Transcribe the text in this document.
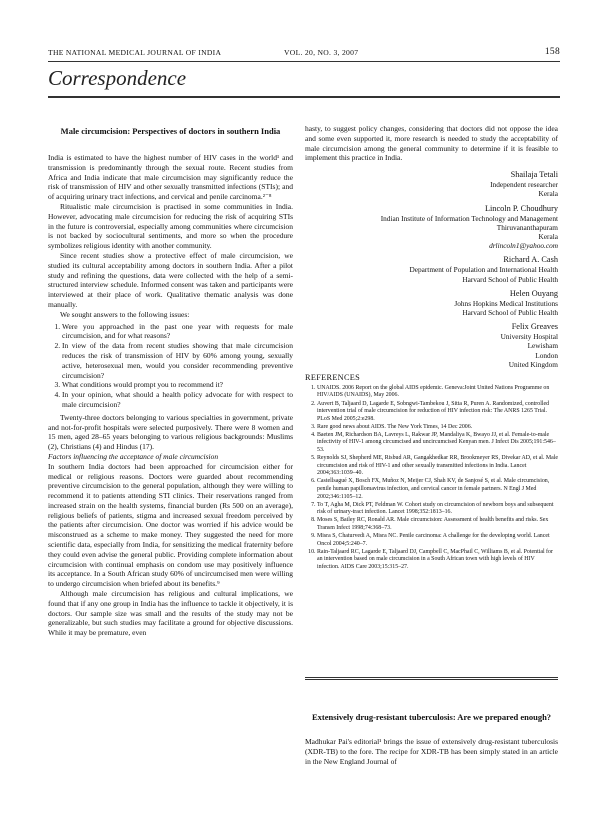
THE NATIONAL MEDICAL JOURNAL OF INDIA	VOL. 20, NO. 3, 2007	158
Correspondence

Male circumcision: Perspectives of doctors in southern India

India is estimated to have the highest number of HIV cases in the world¹ and transmission is predominantly through the sexual route. Recent studies from Africa and India indicate that male circumcision may significantly reduce the risk of transmission of HIV and other sexually transmitted infections (STIs); and of acquiring urinary tract infections, and cervical and penile carcinoma.²⁻⁸

Ritualistic male circumcision is practised in some communities in India. However, advocating male circumcision for reducing the risk of acquiring STIs in the future is controversial, especially among communities where circumcision is not backed by sociocultural sentiments, and more so when the procedure symbolizes religious identity with another community.

Since recent studies show a protective effect of male circumcision, we studied its cultural acceptability among doctors in southern India. After a pilot study and refining the questions, data were collected with the help of a semi-structured interview schedule. Informed consent was taken and participants were interviewed at their place of work. Qualitative thematic analysis was done manually.

We sought answers to the following issues:

1. Were you approached in the past one year with requests for male circumcision, and for what reasons?
2. In view of the data from recent studies showing that male circumcision reduces the risk of transmission of HIV by 60% among young, sexually active, heterosexual men, would you consider recommending preventive circumcision?
3. What conditions would prompt you to recommend it?
4. In your opinion, what should a health policy advocate for with respect to male circumcision?

Twenty-three doctors belonging to various specialties in government, private and not-for-profit hospitals were selected purposively. There were 8 women and 15 men, aged 28–65 years belonging to various religious backgrounds: Muslims (2), Christians (4) and Hindus (17).

Factors influencing the acceptance of male circumcision

In southern India doctors had been approached for circumcision either for medical or religious reasons. Doctors were guarded about recommending preventive circumcision to the general population, although they were willing to recommend it to patients attending STI clinics. Their reservations ranged from increased strain on the health systems, financial burden (Rs 500 on an average), religious beliefs of patients, stigma and increased sexual freedom perceived by the patients after circumcision. One doctor was worried if his advice would be misconstrued as a scheme to make money. They suggested the need for more scientific data, especially from India, for sensitizing the medical fraternity before they could even advise the general public. Providing complete information about circumcision with continual emphasis on condom use may positively influence its acceptance. In a South African study 60% of uncircumcised men were willing to undergo circumcision when briefed about its benefits.⁹

Although male circumcision has religious and cultural implications, we found that if any one group in India has the influence to tackle it objectively, it is doctors. Our sample size was small and the results of the study may not be generalizable, but such studies may facilitate a ground for objective discussions. While it may be premature, even

hasty, to suggest policy changes, considering that doctors did not oppose the idea and some even supported it, more research is needed to study the acceptability of male circumcision among the general community to determine if it is feasible to implement this practice in India.

Shailaja Tetali
Independent researcher
Kerala
Lincoln P. Choudhury
Indian Institute of Information Technology and Management
Thiruvananthapuram
Kerala
drlincoln1@yahoo.com
Richard A. Cash
Department of Population and International Health
Harvard School of Public Health
Helen Ouyang
Johns Hopkins Medical Institutions
Harvard School of Public Health
Felix Greaves
University Hospital
Lewisham
London
United Kingdom
REFERENCES
1. UNAIDS. 2006 Report on the global AIDS epidemic. Geneva:Joint United Nations Programme on HIV/AIDS (UNAIDS), May 2006.
2. Auvert B, Taljaard D, Lagarde E, Sobngwi-Tambekou J, Sitta R, Puren A. Randomized, controlled intervention trial of male circumcision for reduction of HIV infection risk: The ANRS 1265 Trial. PLoS Med 2005;2:e298.
3. Rare good news about AIDS. The New York Times, 14 Dec 2006.
4. Baeten JM, Richardson BA, Lavreys L, Rakwar JP, Mandaliya K, Bwayo JJ, et al. Female-to-male infectivity of HIV-1 among circumcised and uncircumcised Kenyan men. J Infect Dis 2005;191:546–53.
5. Reynolds SJ, Shepherd ME, Risbud AR, Gangakhedkar RR, Brookmeyer RS, Divekar AD, et al. Male circumcision and risk of HIV-1 and other sexually transmitted infections in India. Lancet 2004;363:1039–40.
6. Castellsagué X, Bosch FX, Muñoz N, Meijer CJ, Shah KV, de Sanjosé S, et al. Male circumcision, penile human papillomavirus infection, and cervical cancer in female partners. N Engl J Med 2002;346:1105–12.
7. To T, Agha M, Dick PT, Feldman W. Cohort study on circumcision of newborn boys and subsequent risk of urinary-tract infection. Lancet 1998;352:1813–16.
8. Moses S, Bailey RC, Ronald AR. Male circumcision: Assessment of health benefits and risks. Sex Transm Infect 1998;74:368–73.
9. Misra S, Chaturvedi A, Misra NC. Penile carcinoma: A challenge for the developing world. Lancet Oncol 2004;5:240–7.
10. Rain-Taljaard RC, Lagarde E, Taljaard DJ, Campbell C, MacPhail C, Williams B, et al. Potential for an intervention based on male circumcision in a South African town with high levels of HIV infection. AIDS Care 2003;15:315–27.

Extensively drug-resistant tuberculosis: Are we prepared enough?

Madhukar Pai's editorial¹ brings the issue of extensively drug-resistant tuberculosis (XDR-TB) to the fore. The recipe for XDR-TB has been simply stated in an article in the New England Journal of
